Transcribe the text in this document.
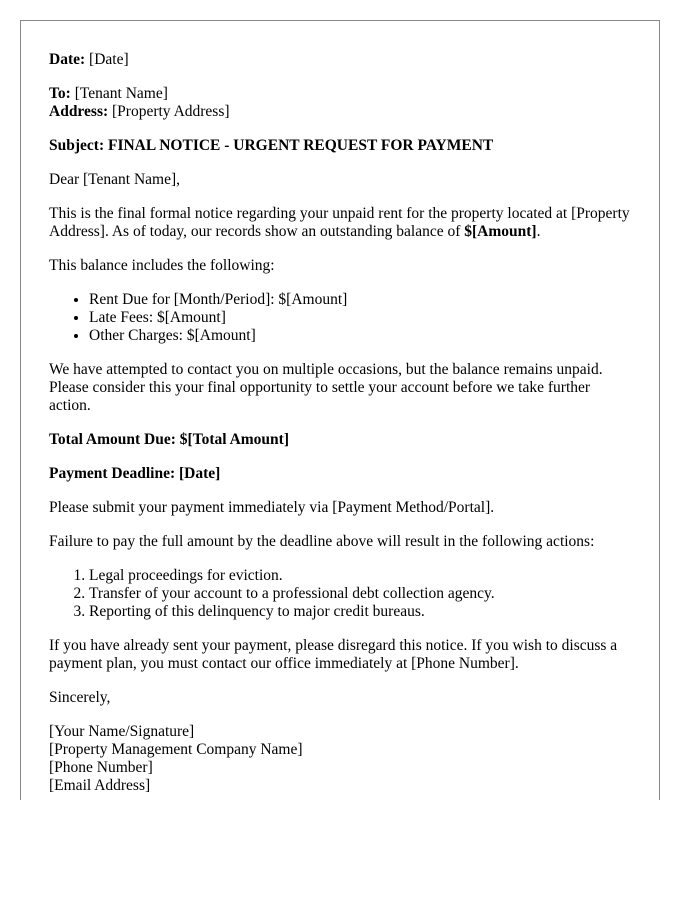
Date: [Date]

To: [Tenant Name]

Address: [Property Address]

Subject: FINAL NOTICE - URGENT REQUEST FOR PAYMENT

Dear [Tenant Name],

This is the final formal notice regarding your unpaid rent for the property located at [Property Address]. As of today, our records show an outstanding balance of $[Amount].

This balance includes the following:

• Rent Due for [Month/Period]: $[Amount]
• Late Fees: $[Amount]
• Other Charges: $[Amount]

We have attempted to contact you on multiple occasions, but the balance remains unpaid. Please consider this your final opportunity to settle your account before we take further action.

Total Amount Due: $[Total Amount]

Payment Deadline: [Date]

Please submit your payment immediately via [Payment Method/Portal].

Failure to pay the full amount by the deadline above will result in the following actions:

1. Legal proceedings for eviction.
2. Transfer of your account to a professional debt collection agency.
3. Reporting of this delinquency to major credit bureaus.

If you have already sent your payment, please disregard this notice. If you wish to discuss a payment plan, you must contact our office immediately at [Phone Number].

Sincerely,

[Your Name/Signature]

[Property Management Company Name]

[Phone Number]

[Email Address]
